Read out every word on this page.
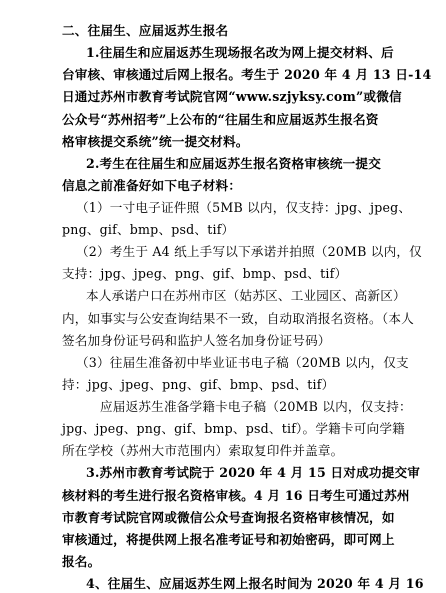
二、往届生、应届返苏生报名
1.往届生和应届返苏生现场报名改为网上提交材料、后
台审核、审核通过后网上报名。考生于 2020 年 4 月 13 日-14
日通过苏州市教育考试院官网“www.szjyksy.com”或微信
公众号“苏州招考”上公布的“往届生和应届返苏生报名资
格审核提交系统”统一提交材料。
2.考生在往届生和应届返苏生报名资格审核统一提交
信息之前准备好如下电子材料：
（1）一寸电子证件照（5MB 以内，仅支持：jpg、jpeg、
png、gif、bmp、psd、tif）
（2）考生于 A4 纸上手写以下承诺并拍照（20MB 以内，仅
支持：jpg、jpeg、png、gif、bmp、psd、tif）
本人承诺户口在苏州市区（姑苏区、工业园区、高新区）
内，如事实与公安查询结果不一致，自动取消报名资格。（本人
签名加身份证号码和监护人签名加身份证号码）
（3）往届生准备初中毕业证书电子稿（20MB 以内，仅支
持：jpg、jpeg、png、gif、bmp、psd、tif）
应届返苏生准备学籍卡电子稿（20MB 以内，仅支持：
jpg、jpeg、png、gif、bmp、psd、tif）。学籍卡可向学籍
所在学校（苏州大市范围内）索取复印件并盖章。
3.苏州市教育考试院于 2020 年 4 月 15 日对成功提交审
核材料的考生进行报名资格审核。4 月 16 日考生可通过苏州
市教育考试院官网或微信公众号查询报名资格审核情况，如
审核通过，将提供网上报名准考证号和初始密码，即可网上
报名。
4、往届生、应届返苏生网上报名时间为 2020 年 4 月 16
